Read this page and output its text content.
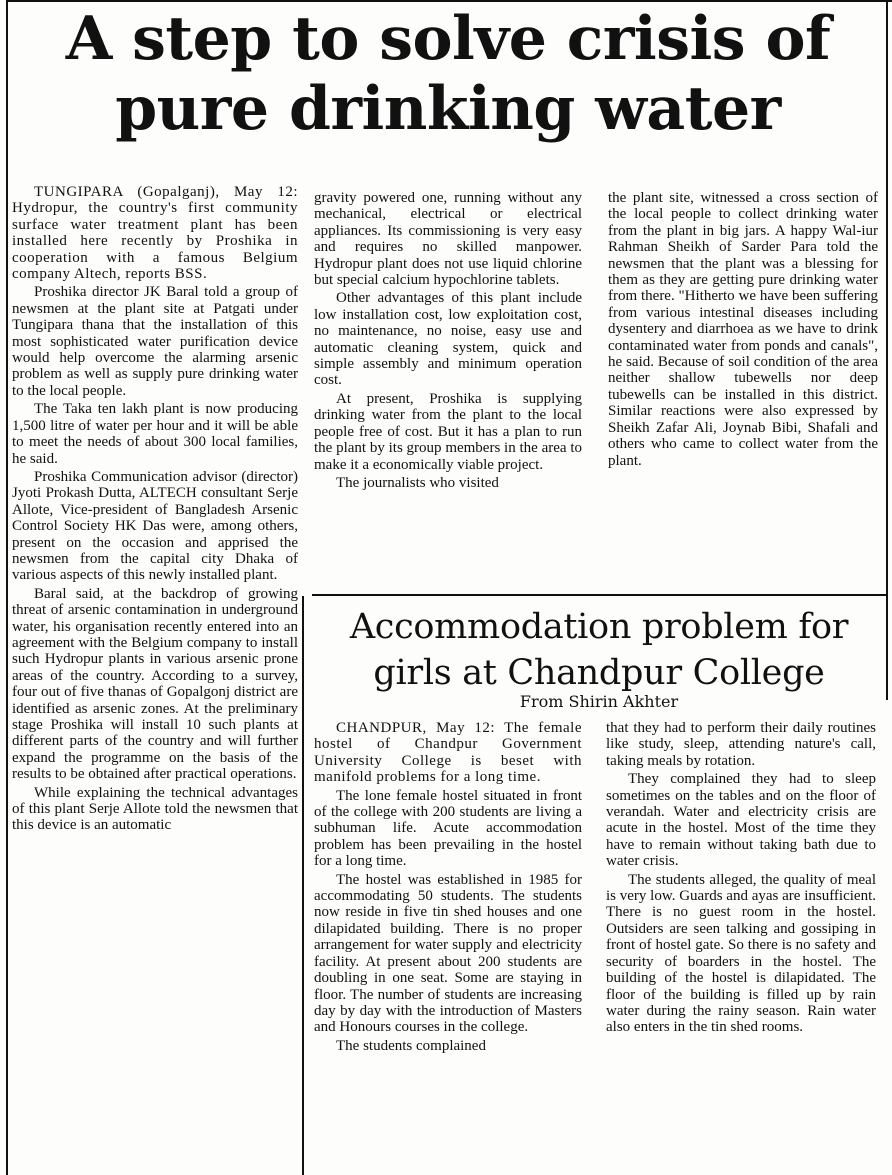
A step to solve crisis of pure drinking water

TUNGIPARA (Gopalganj), May 12: Hydropur, the country's first community surface water treatment plant has been installed here recently by Proshika in cooperation with a famous Belgium company Altech, reports BSS.

Proshika director JK Baral told a group of newsmen at the plant site at Patgati under Tungipara thana that the installation of this most sophisticated water purification device would help overcome the alarming arsenic problem as well as supply pure drinking water to the local people.

The Taka ten lakh plant is now producing 1,500 litre of water per hour and it will be able to meet the needs of about 300 local families, he said.

Proshika Communication advisor (director) Jyoti Prokash Dutta, ALTECH consultant Serje Allote, Vice-president of Bangladesh Arsenic Control Society HK Das were, among others, present on the occasion and apprised the newsmen from the capital city Dhaka of various aspects of this newly installed plant.

Baral said, at the backdrop of growing threat of arsenic contamination in underground water, his organisation recently entered into an agreement with the Belgium company to install such Hydropur plants in various arsenic prone areas of the country. According to a survey, four out of five thanas of Gopalgonj district are identified as arsenic zones. At the preliminary stage Proshika will install 10 such plants at different parts of the country and will further expand the programme on the basis of the results to be obtained after practical operations.

While explaining the technical advantages of this plant Serje Allote told the newsmen that this device is an automatic

gravity powered one, running without any mechanical, electrical or electrical appliances. Its commissioning is very easy and requires no skilled manpower. Hydropur plant does not use liquid chlorine but special calcium hypochlorine tablets.

Other advantages of this plant include low installation cost, low exploitation cost, no maintenance, no noise, easy use and automatic cleaning system, quick and simple assembly and minimum operation cost.

At present, Proshika is supplying drinking water from the plant to the local people free of cost. But it has a plan to run the plant by its group members in the area to make it a economically viable project.

The journalists who visited

the plant site, witnessed a cross section of the local people to collect drinking water from the plant in big jars. A happy Wal-iur Rahman Sheikh of Sarder Para told the newsmen that the plant was a blessing for them as they are getting pure drinking water from there. "Hitherto we have been suffering from various intestinal diseases including dysentery and diarrhoea as we have to drink contaminated water from ponds and canals", he said. Because of soil condition of the area neither shallow tubewells nor deep tubewells can be installed in this district. Similar reactions were also expressed by Sheikh Zafar Ali, Joynab Bibi, Shafali and others who came to collect water from the plant.

Accommodation problem for girls at Chandpur College
From Shirin Akhter

CHANDPUR, May 12: The female hostel of Chandpur Government University College is beset with manifold problems for a long time.

The lone female hostel situated in front of the college with 200 students are living a subhuman life. Acute accommodation problem has been prevailing in the hostel for a long time.

The hostel was established in 1985 for accommodating 50 students. The students now reside in five tin shed houses and one dilapidated building. There is no proper arrangement for water supply and electricity facility. At present about 200 students are doubling in one seat. Some are staying in floor. The number of students are increasing day by day with the introduction of Masters and Honours courses in the college.

The students complained

that they had to perform their daily routines like study, sleep, attending nature's call, taking meals by rotation.

They complained they had to sleep sometimes on the tables and on the floor of verandah. Water and electricity crisis are acute in the hostel. Most of the time they have to remain without taking bath due to water crisis.

The students alleged, the quality of meal is very low. Guards and ayas are insufficient. There is no guest room in the hostel. Outsiders are seen talking and gossiping in front of hostel gate. So there is no safety and security of boarders in the hostel. The building of the hostel is dilapidated. The floor of the building is filled up by rain water during the rainy season. Rain water also enters in the tin shed rooms.
